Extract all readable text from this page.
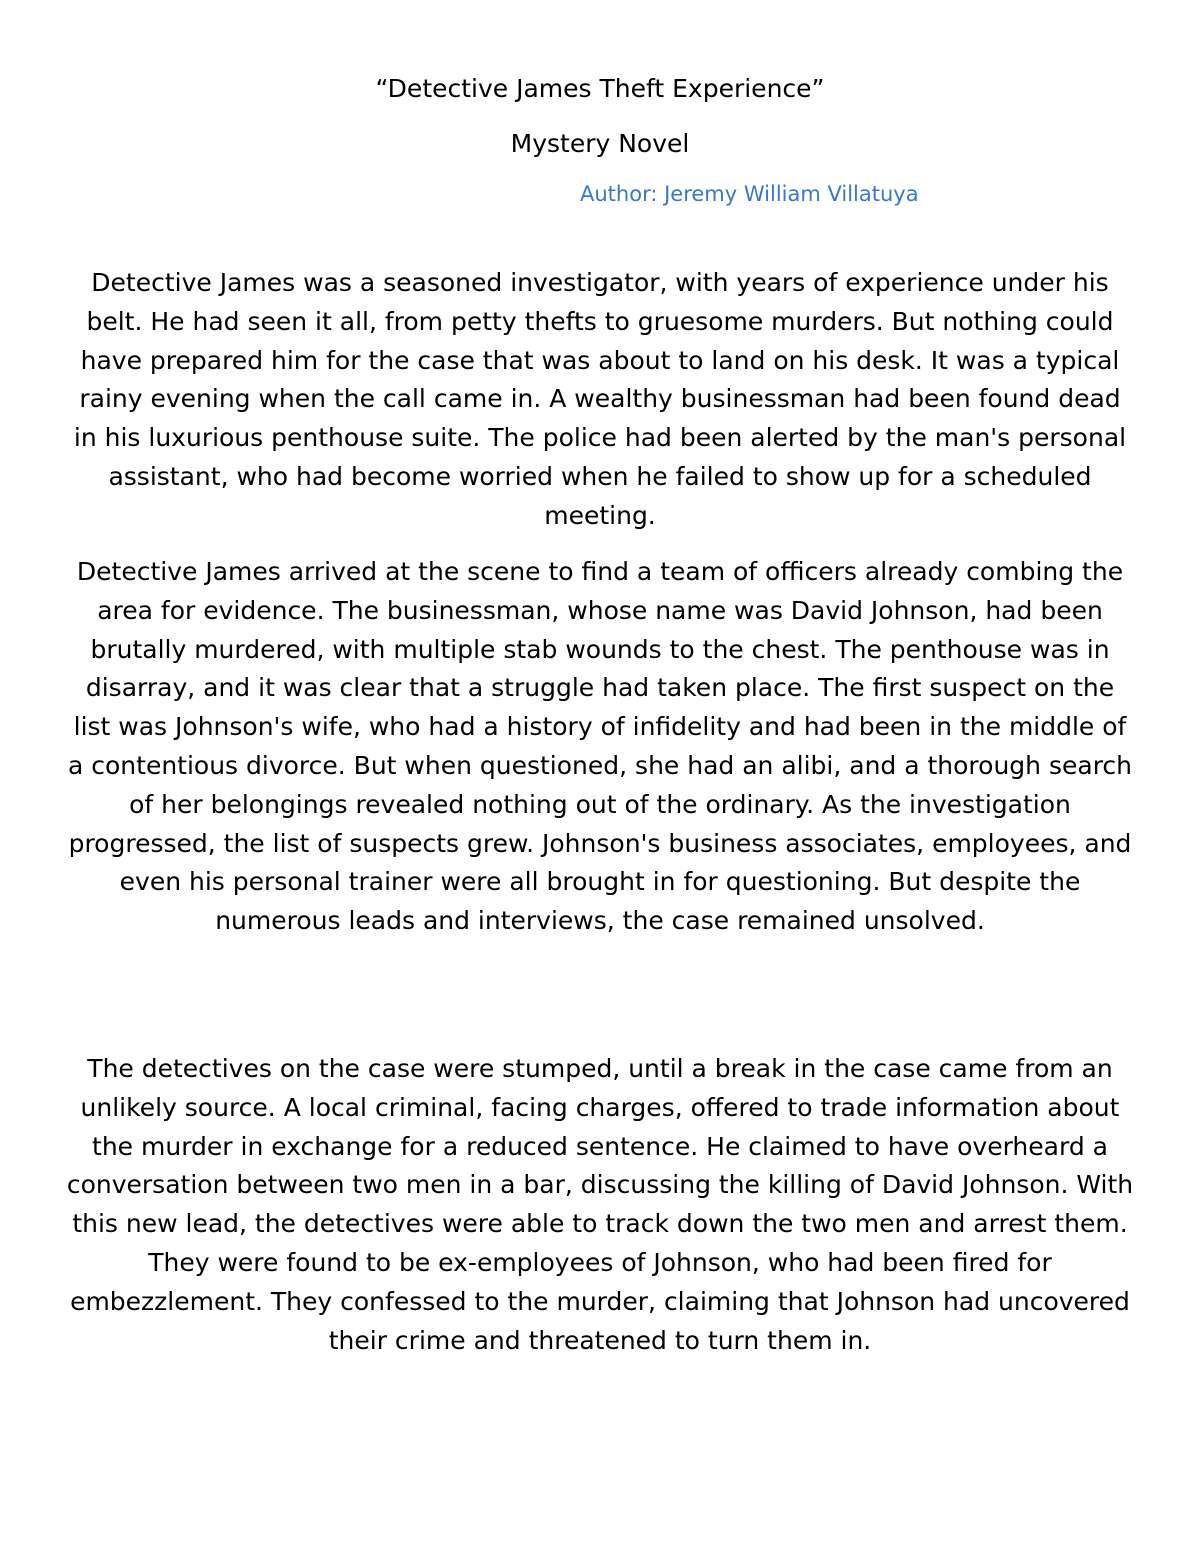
“Detective James Theft Experience”
Mystery Novel
Author: Jeremy William Villatuya

Detective James was a seasoned investigator, with years of experience under his belt. He had seen it all, from petty thefts to gruesome murders. But nothing could have prepared him for the case that was about to land on his desk. It was a typical rainy evening when the call came in. A wealthy businessman had been found dead in his luxurious penthouse suite. The police had been alerted by the man's personal assistant, who had become worried when he failed to show up for a scheduled meeting.

Detective James arrived at the scene to find a team of officers already combing the area for evidence. The businessman, whose name was David Johnson, had been brutally murdered, with multiple stab wounds to the chest. The penthouse was in disarray, and it was clear that a struggle had taken place. The first suspect on the list was Johnson's wife, who had a history of infidelity and had been in the middle of a contentious divorce. But when questioned, she had an alibi, and a thorough search of her belongings revealed nothing out of the ordinary. As the investigation progressed, the list of suspects grew. Johnson's business associates, employees, and even his personal trainer were all brought in for questioning. But despite the numerous leads and interviews, the case remained unsolved.

The detectives on the case were stumped, until a break in the case came from an unlikely source. A local criminal, facing charges, offered to trade information about the murder in exchange for a reduced sentence. He claimed to have overheard a conversation between two men in a bar, discussing the killing of David Johnson. With this new lead, the detectives were able to track down the two men and arrest them. They were found to be ex-employees of Johnson, who had been fired for embezzlement. They confessed to the murder, claiming that Johnson had uncovered their crime and threatened to turn them in.
